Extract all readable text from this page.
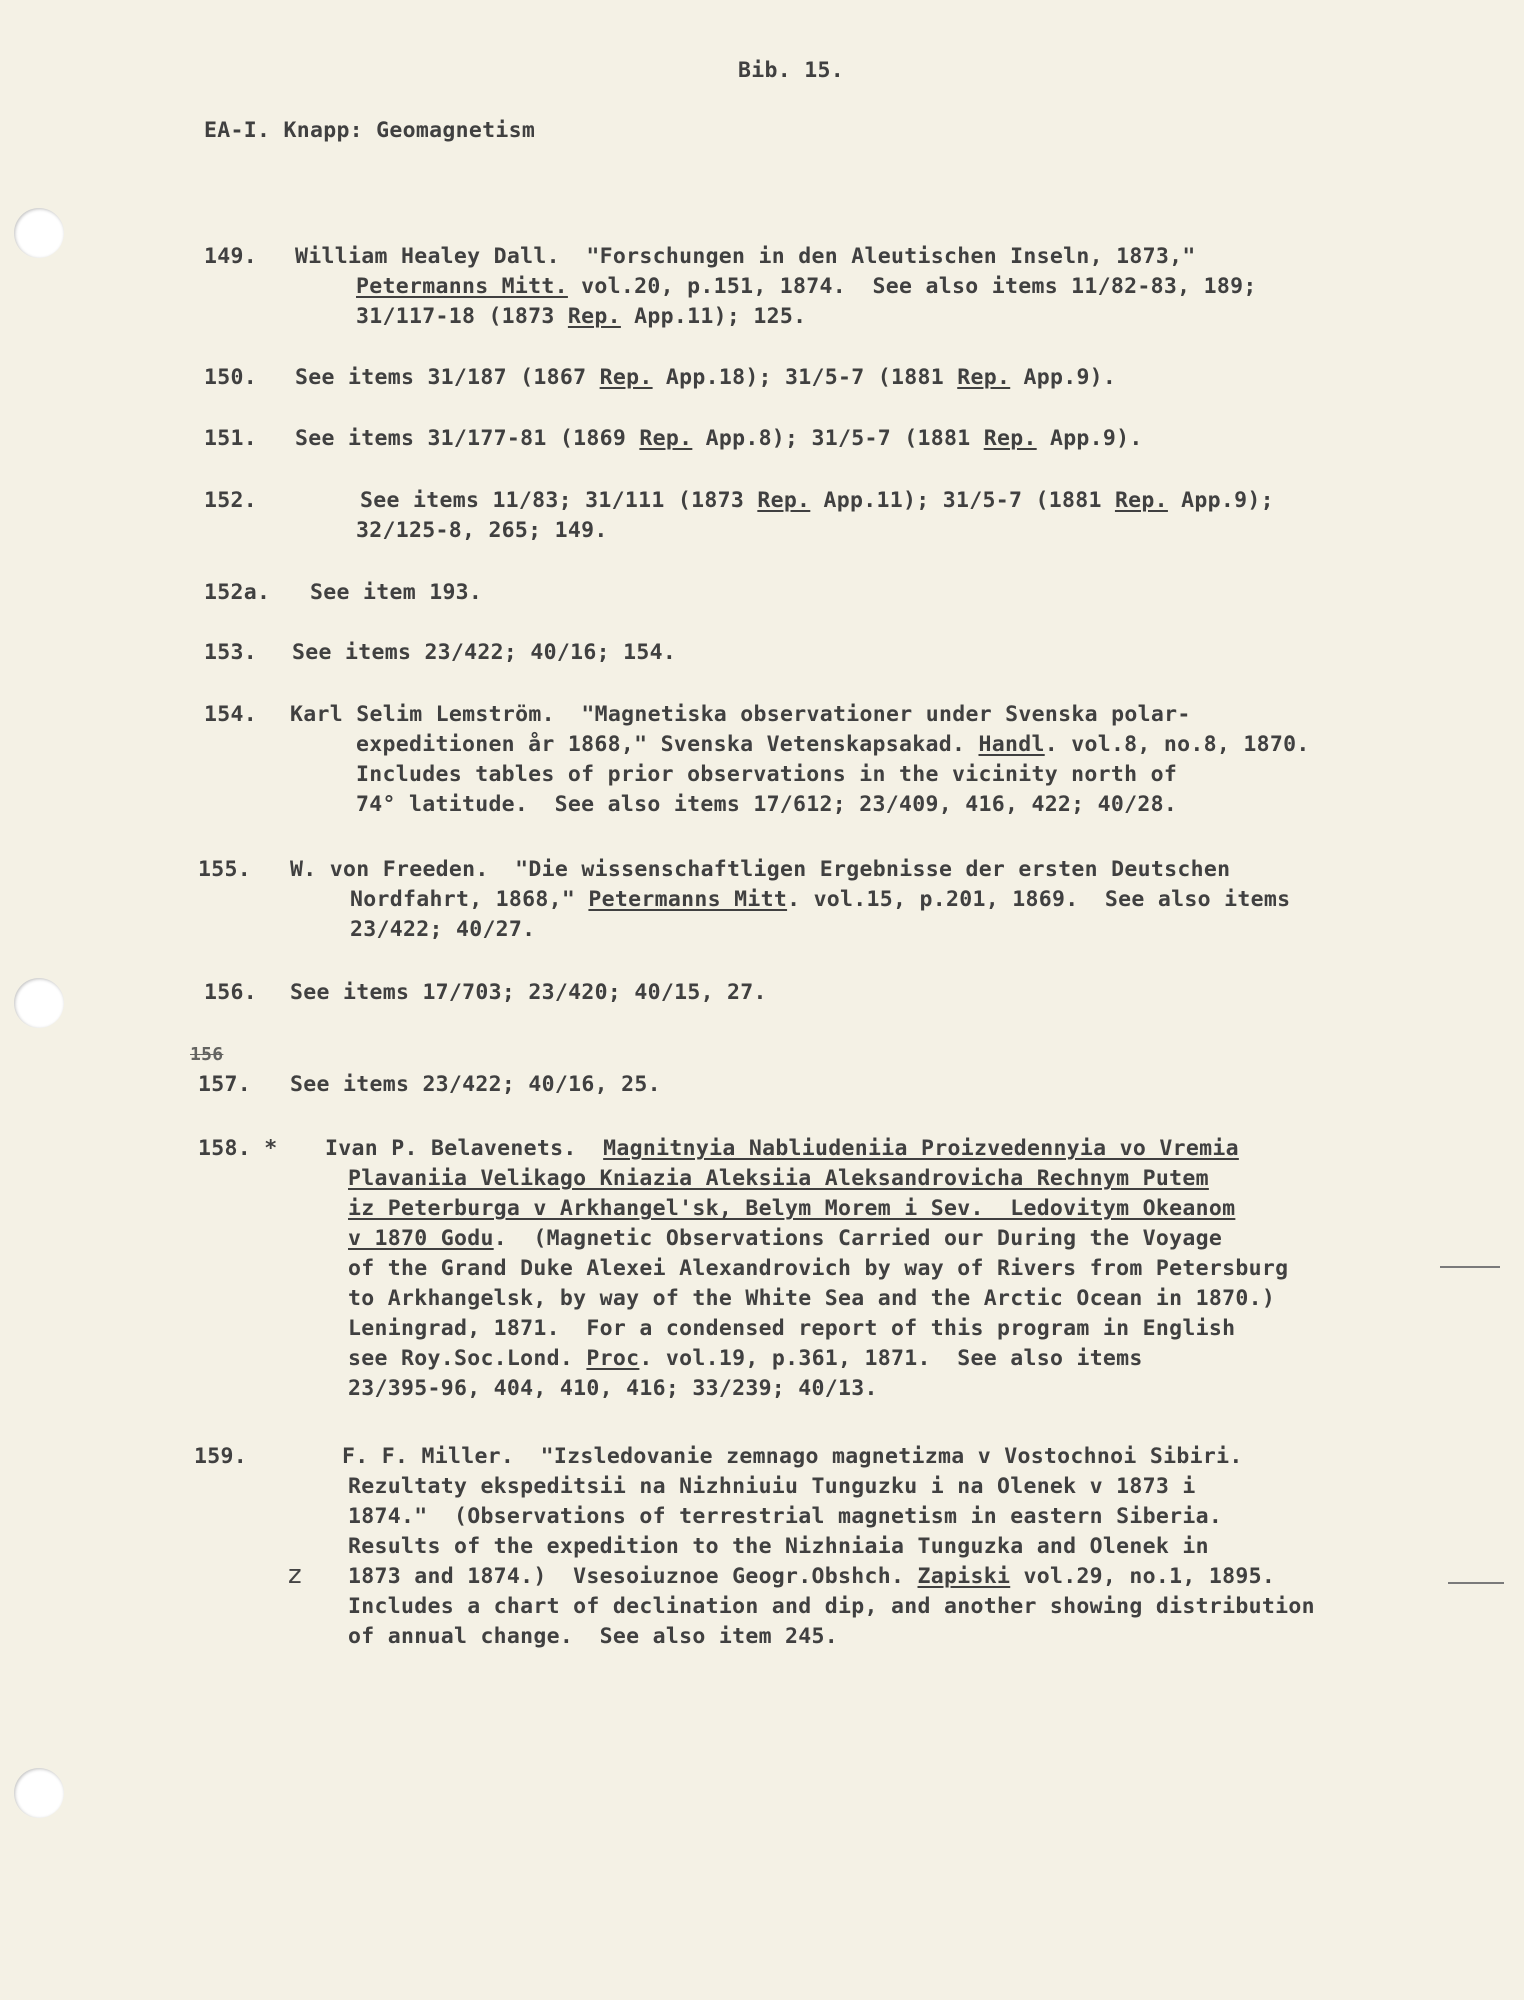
Bib. 15.
EA-I. Knapp: Geomagnetism
149. William Healey Dall.  "Forschungen in den Aleutischen Inseln, 1873,"
Petermanns Mitt. vol.20, p.151, 1874.  See also items 11/82-83, 189;
31/117-18 (1873 Rep. App.11); 125.
150. See items 31/187 (1867 Rep. App.18); 31/5-7 (1881 Rep. App.9).
151. See items 31/177-81 (1869 Rep. App.8); 31/5-7 (1881 Rep. App.9).
152.	See items 11/83; 31/111 (1873 Rep. App.11); 31/5-7 (1881 Rep. App.9);
32/125-8, 265; 149.
152a. See item 193.
153. See items 23/422; 40/16; 154.
154. Karl Selim Lemström.  "Magnetiska observationer under Svenska polar-
expeditionen år 1868," Svenska Vetenskapsakad. Handl. vol.8, no.8, 1870.
Includes tables of prior observations in the vicinity north of
74° latitude.  See also items 17/612; 23/409, 416, 422; 40/28.
155. W. von Freeden.  "Die wissenschaftligen Ergebnisse der ersten Deutschen
Nordfahrt, 1868," Petermanns Mitt. vol.15, p.201, 1869.  See also items
23/422; 40/27.
156. See items 17/703; 23/420; 40/15, 27.
157. See items 23/422; 40/16, 25.
158. * Ivan P. Belavenets.  Magnitnyia Nabliudeniia Proizvedennyia vo Vremia
Plavaniia Velikago Kniazia Aleksiia Aleksandrovicha Rechnym Putem
iz Peterburga v Arkhangel'sk, Belym Morem i Sev.  Ledovitym Okeanom
v 1870 Godu.  (Magnetic Observations Carried our During the Voyage
of the Grand Duke Alexei Alexandrovich by way of Rivers from Petersburg
to Arkhangelsk, by way of the White Sea and the Arctic Ocean in 1870.)
Leningrad, 1871.  For a condensed report of this program in English
see Roy.Soc.Lond. Proc. vol.19, p.361, 1871.  See also items
23/395-96, 404, 410, 416; 33/239; 40/13.
159.	F. F. Miller.  "Izsledovanie zemnago magnetizma v Vostochnoi Sibiri.
Rezultaty ekspeditsii na Nizhniuiu Tunguzku i na Olenek v 1873 i
1874."  (Observations of terrestrial magnetism in eastern Siberia.
Results of the expedition to the Nizhniaia Tunguzka and Olenek in
1873 and 1874.)  Vsesoiuznoe Geogr.Obshch. Zapiski vol.29, no.1, 1895.
Includes a chart of declination and dip, and another showing distribution
of annual change.  See also item 245.
156
z
